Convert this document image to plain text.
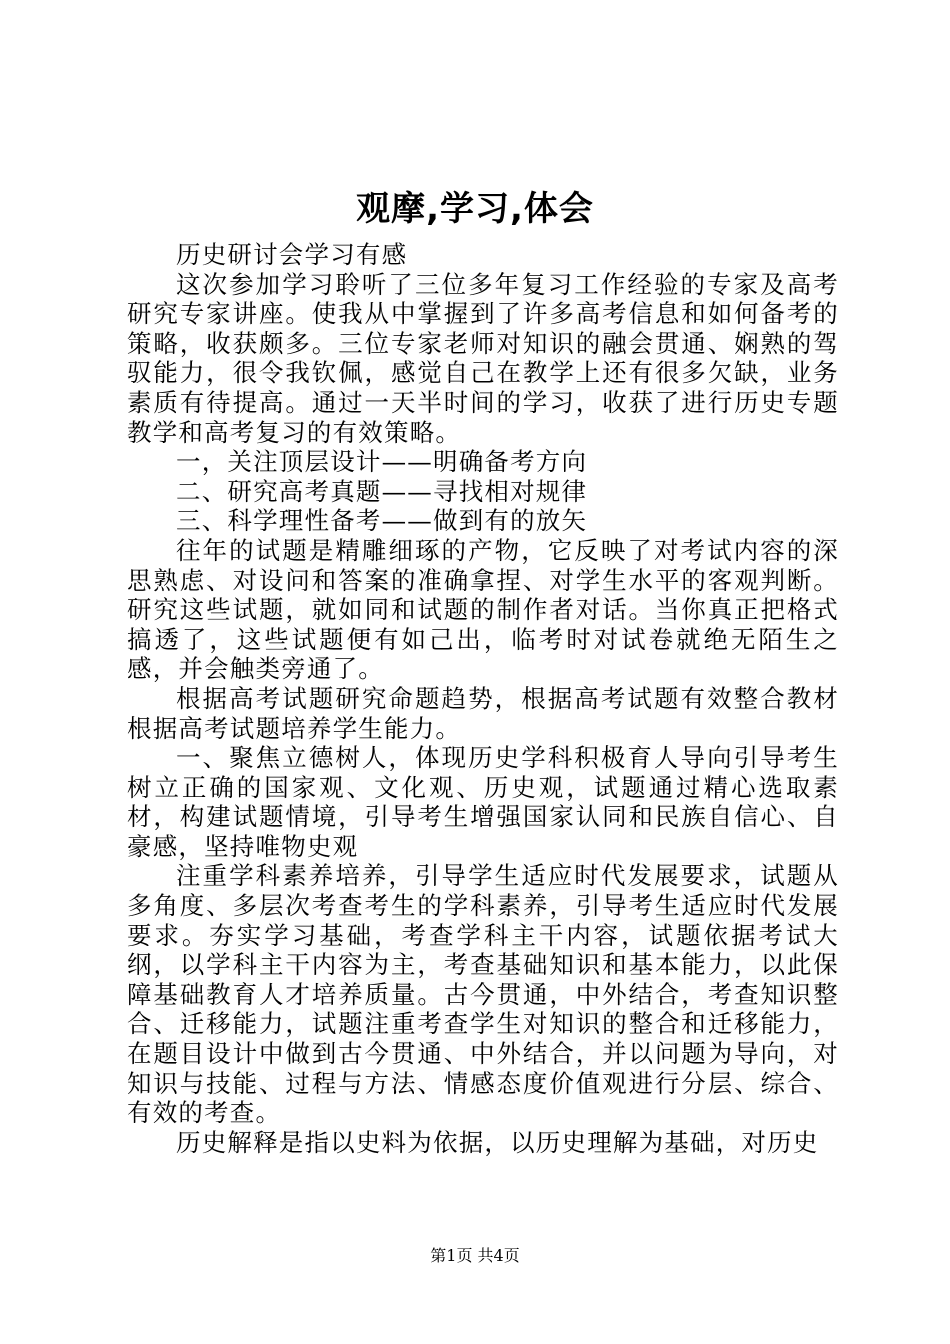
观摩,学习,体会

历史研讨会学习有感

这次参加学习聆听了三位多年复习工作经验的专家及高考研究专家讲座。使我从中掌握到了许多高考信息和如何备考的策略，收获颇多。三位专家老师对知识的融会贯通、娴熟的驾驭能力，很令我钦佩，感觉自己在教学上还有很多欠缺，业务素质有待提高。通过一天半时间的学习，收获了进行历史专题教学和高考复习的有效策略。

一，关注顶层设计——明确备考方向

二、研究高考真题——寻找相对规律

三、科学理性备考——做到有的放矢

往年的试题是精雕细琢的产物，它反映了对考试内容的深思熟虑、对设问和答案的准确拿捏、对学生水平的客观判断。研究这些试题，就如同和试题的制作者对话。当你真正把格式搞透了，这些试题便有如己出，临考时对试卷就绝无陌生之感，并会触类旁通了。

根据高考试题研究命题趋势，根据高考试题有效整合教材根据高考试题培养学生能力。

一、聚焦立德树人，体现历史学科积极育人导向引导考生树立正确的国家观、文化观、历史观，试题通过精心选取素材，构建试题情境，引导考生增强国家认同和民族自信心、自豪感，坚持唯物史观

注重学科素养培养，引导学生适应时代发展要求，试题从多角度、多层次考查考生的学科素养，引导考生适应时代发展要求。夯实学习基础，考查学科主干内容，试题依据考试大纲，以学科主干内容为主，考查基础知识和基本能力，以此保障基础教育人才培养质量。古今贯通，中外结合，考查知识整合、迁移能力，试题注重考查学生对知识的整合和迁移能力，在题目设计中做到古今贯通、中外结合，并以问题为导向，对知识与技能、过程与方法、情感态度价值观进行分层、综合、有效的考查。

历史解释是指以史料为依据，以历史理解为基础，对历史

第1页 共4页
